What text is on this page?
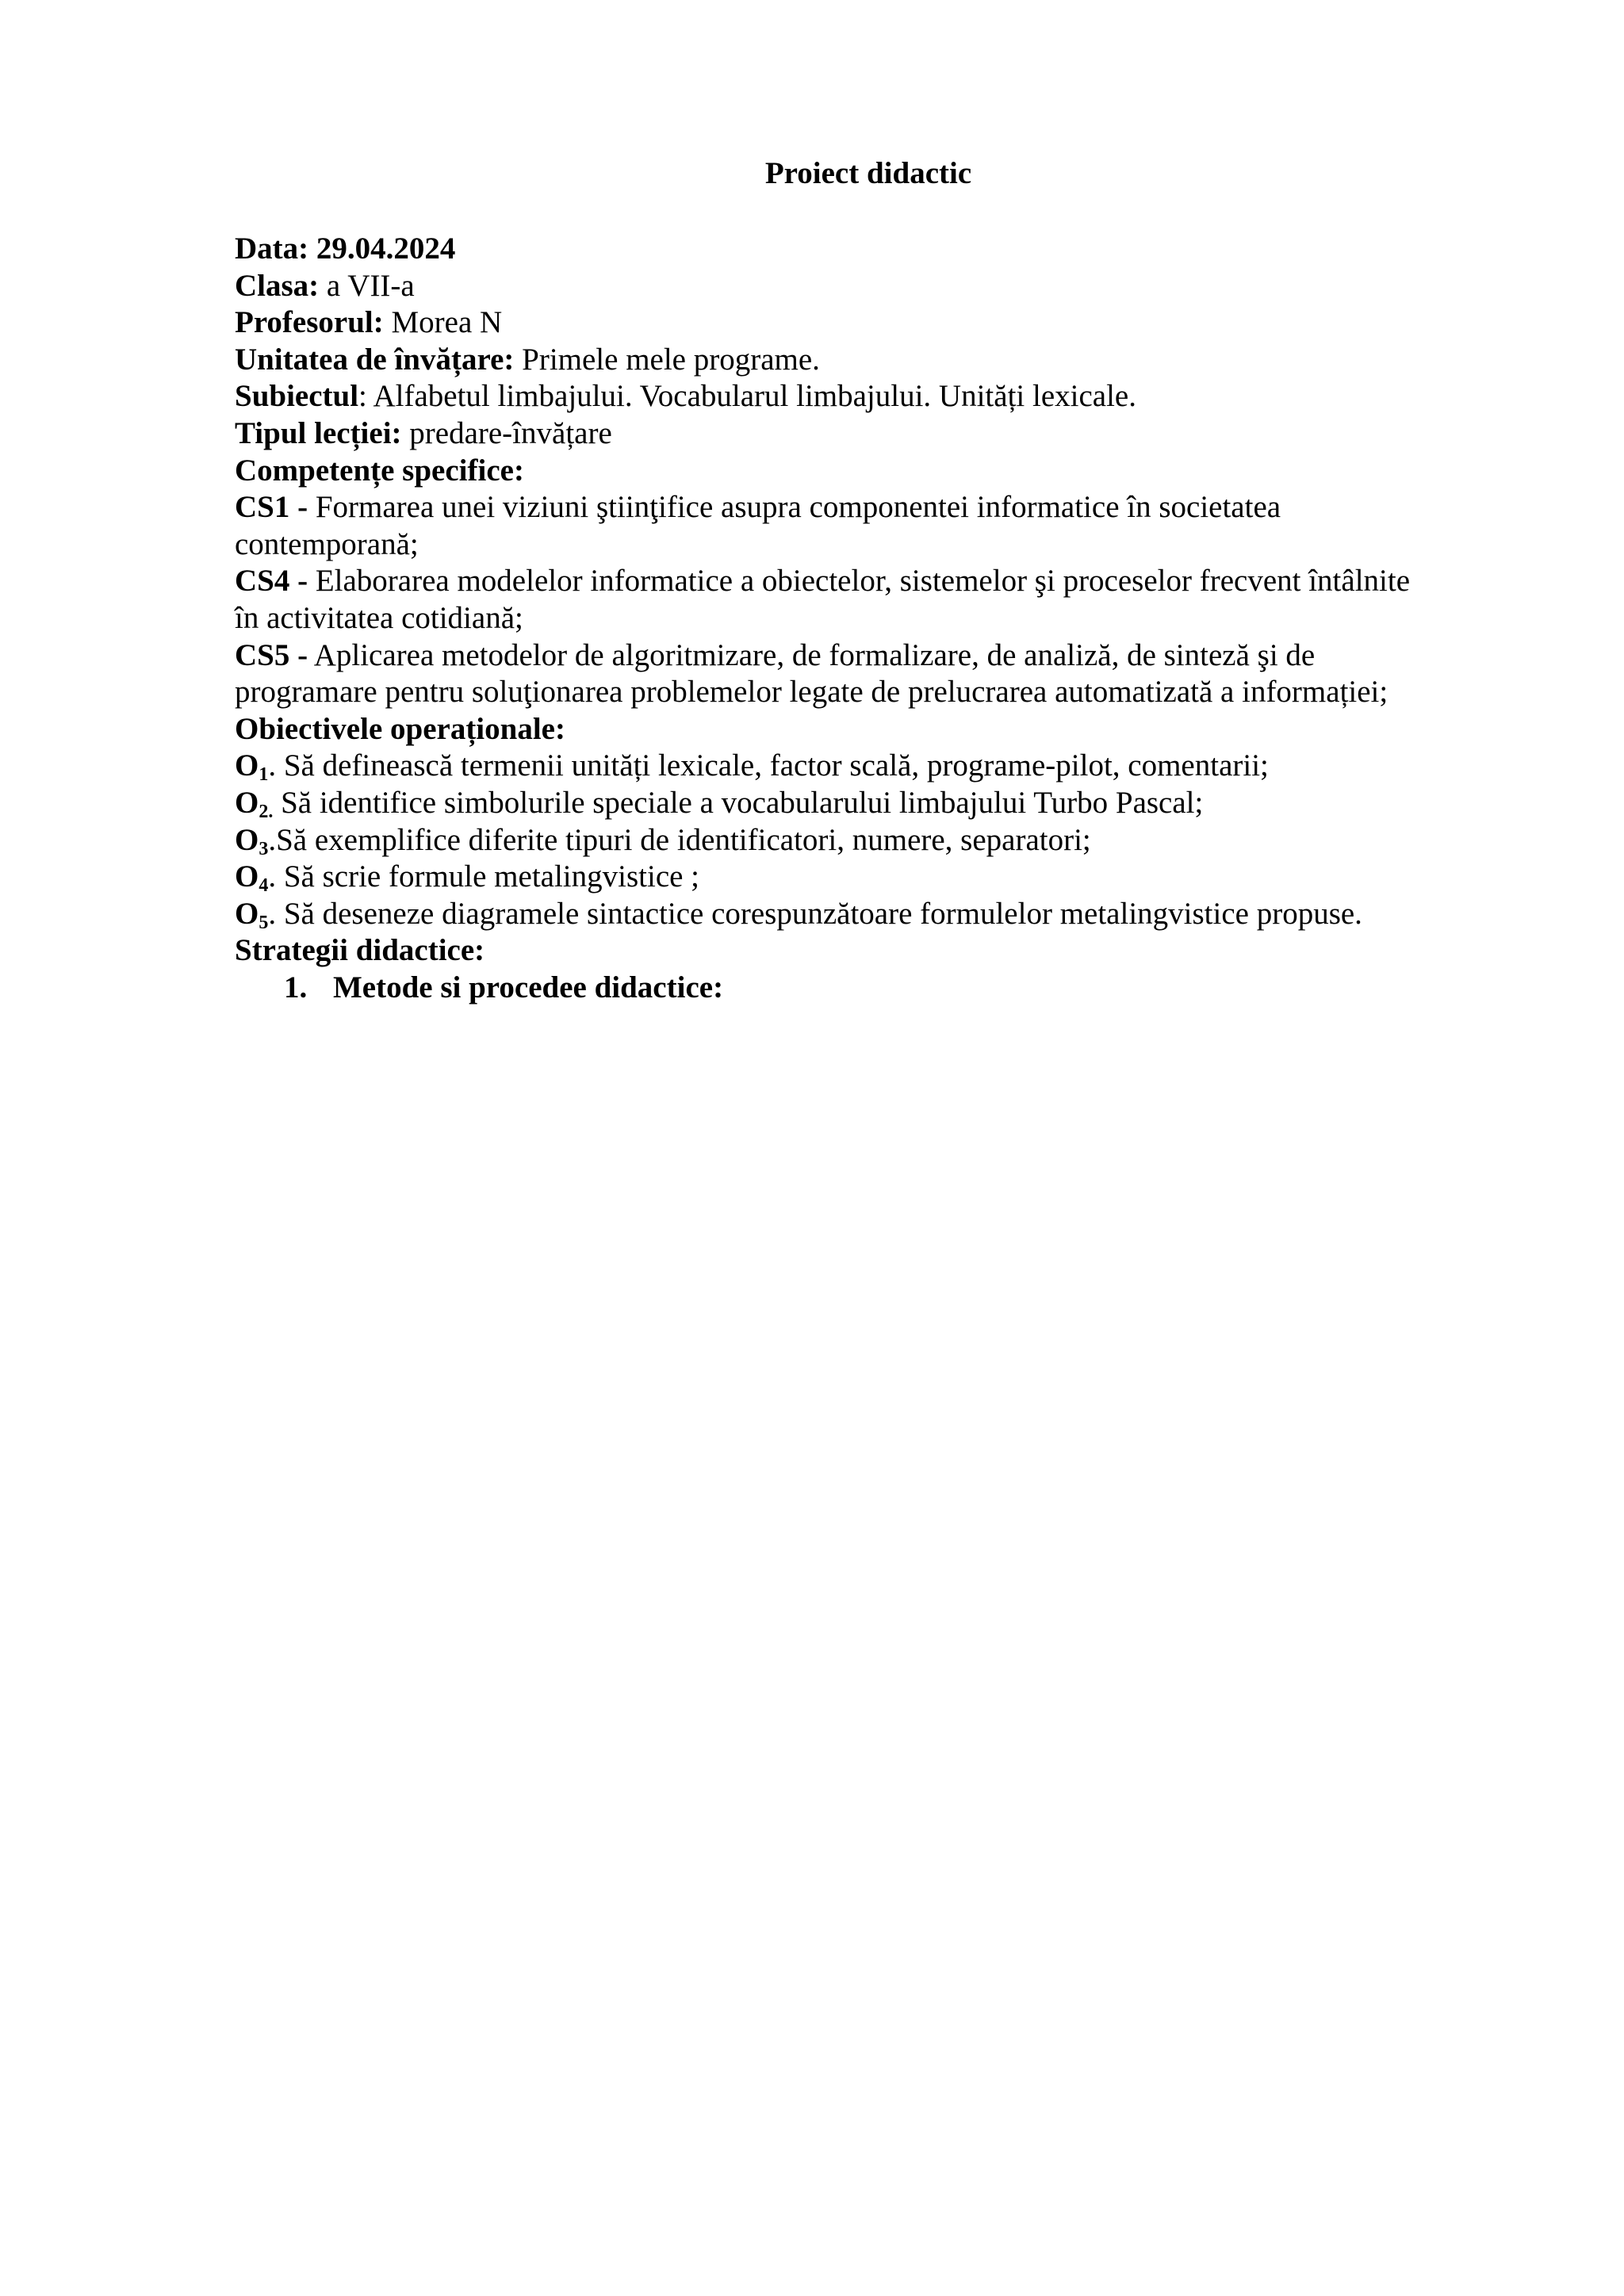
Proiect didactic
Data: 29.04.2024
Clasa: a VII-a
Profesorul: Morea N
Unitatea de învățare: Primele mele programe.
Subiectul: Alfabetul limbajului. Vocabularul limbajului. Unități lexicale.
Tipul lecției: predare-învățare
Competențe specifice:
CS1 - Formarea unei viziuni ştiinţifice asupra componentei informatice în societatea
contemporană;
CS4 - Elaborarea modelelor informatice a obiectelor, sistemelor şi proceselor frecvent întâlnite
în activitatea cotidiană;
CS5 - Aplicarea metodelor de algoritmizare, de formalizare, de analiză, de sinteză şi de
programare pentru soluţionarea problemelor legate de prelucrarea automatizată a informației;
Obiectivele operaționale:
$O_1$. Să definească termenii unități lexicale, factor scală, programe-pilot, comentarii;
$O_{2.}$ Să identifice simbolurile speciale a vocabularului limbajului Turbo Pascal;
$O_3.Să$ exemplifice diferite tipuri de identificatori, numere, separatori;
$O_4$. Să scrie formule metalingvistice ;
$O_5$. Să deseneze diagramele sintactice corespunzătoare formulelor metalingvistice propuse.
Strategii didactice:
1. Metode si procedee didactice:
